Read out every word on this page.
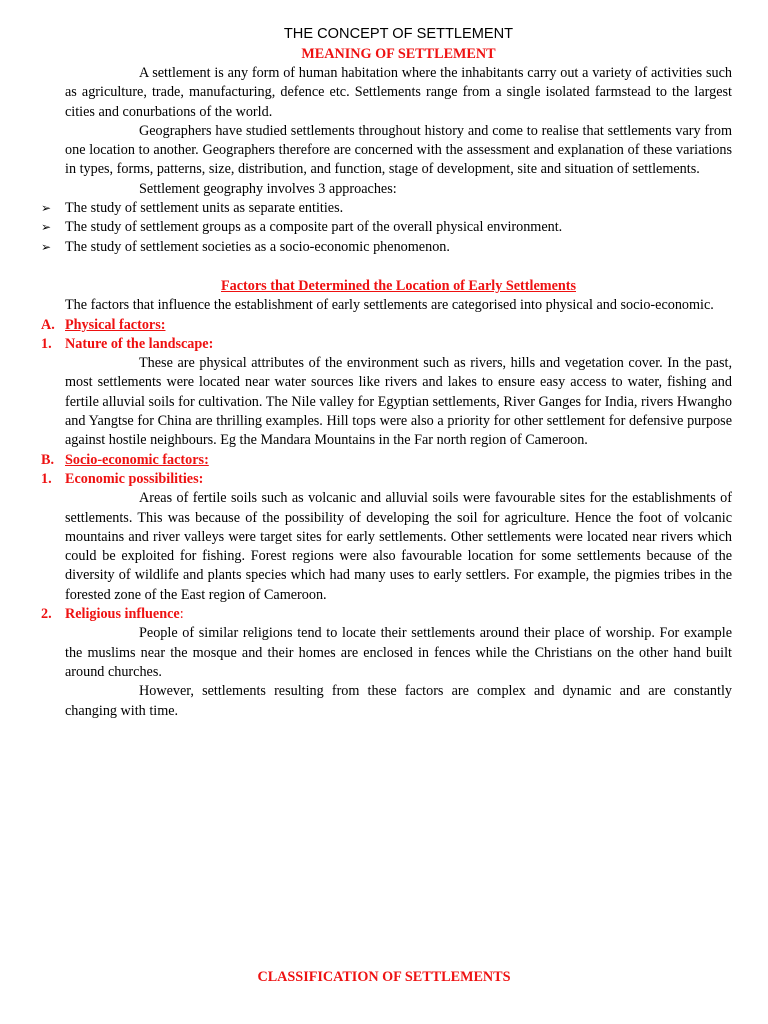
THE CONCEPT OF SETTLEMENT

MEANING OF SETTLEMENT

A settlement is any form of human habitation where the inhabitants carry out a variety of activities such as agriculture, trade, manufacturing, defence etc. Settlements range from a single isolated farmstead to the largest cities and conurbations of the world.

Geographers have studied settlements throughout history and come to realise that settlements vary from one location to another. Geographers therefore are concerned with the assessment and explanation of these variations in types, forms, patterns, size, distribution, and function, stage of development, site and situation of settlements.

Settlement geography involves 3 approaches:

➢ The study of settlement units as separate entities.
➢ The study of settlement groups as a composite part of the overall physical environment.
➢ The study of settlement societies as a socio-economic phenomenon.

Factors that Determined the Location of Early Settlements

The factors that influence the establishment of early settlements are categorised into physical and socio-economic.

A. Physical factors:
1. Nature of the landscape:

These are physical attributes of the environment such as rivers, hills and vegetation cover. In the past, most settlements were located near water sources like rivers and lakes to ensure easy access to water, fishing and fertile alluvial soils for cultivation. The Nile valley for Egyptian settlements, River Ganges for India, rivers Hwangho and Yangtse for China are thrilling examples. Hill tops were also a priority for other settlement for defensive purpose against hostile neighbours. Eg the Mandara Mountains in the Far north region of Cameroon.

B. Socio-economic factors:
1. Economic possibilities:

Areas of fertile soils such as volcanic and alluvial soils were favourable sites for the establishments of settlements. This was because of the possibility of developing the soil for agriculture. Hence the foot of volcanic mountains and river valleys were target sites for early settlements. Other settlements were located near rivers which could be exploited for fishing. Forest regions were also favourable location for some settlements because of the diversity of wildlife and plants species which had many uses to early settlers. For example, the pigmies tribes in the forested zone of the East region of Cameroon.

2. Religious influence:

People of similar religions tend to locate their settlements around their place of worship. For example the muslims near the mosque and their homes are enclosed in fences while the Christians on the other hand built around churches.

However, settlements resulting from these factors are complex and dynamic and are constantly changing with time.

CLASSIFICATION OF SETTLEMENTS
